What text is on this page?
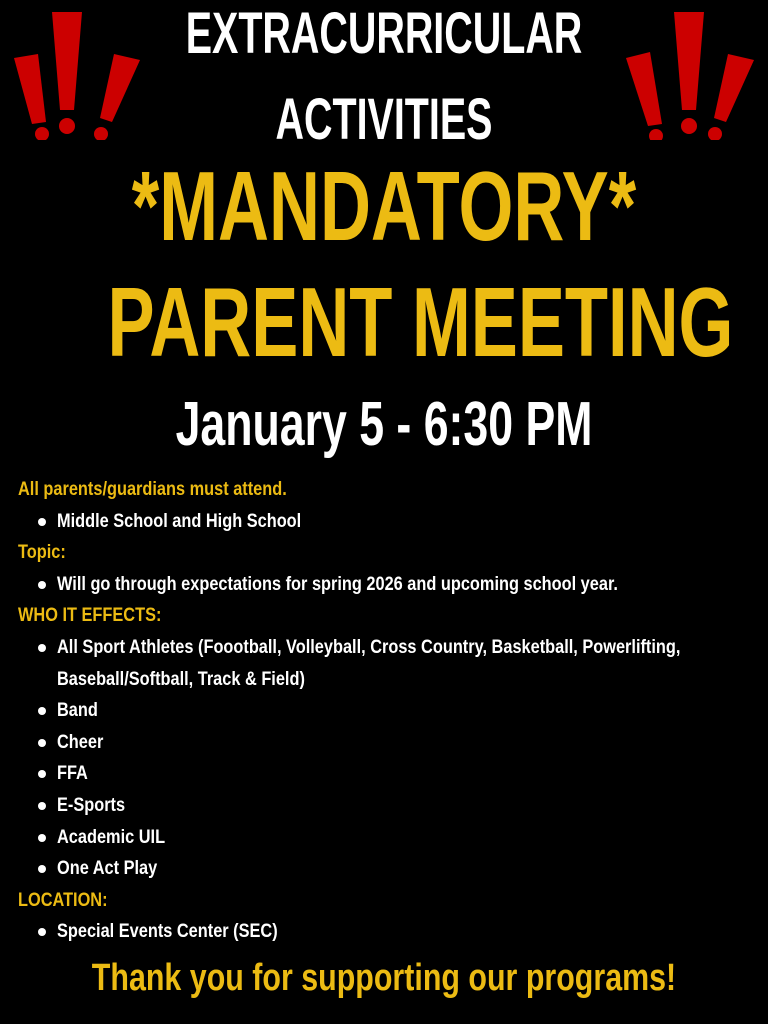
EXTRACURRICULAR
ACTIVITIES
*MANDATORY*
PARENT MEETING
January 5 - 6:30 PM
All parents/guardians must attend.
Middle School and High School
Topic:
Will go through expectations for spring 2026 and upcoming school year.
WHO IT EFFECTS:
All Sport Athletes (Foootball, Volleyball, Cross Country, Basketball, Powerlifting, Baseball/Softball, Track & Field)
Band
Cheer
FFA
E-Sports
Academic UIL
One Act Play
LOCATION:
Special Events Center (SEC)
Thank you for supporting our programs!
